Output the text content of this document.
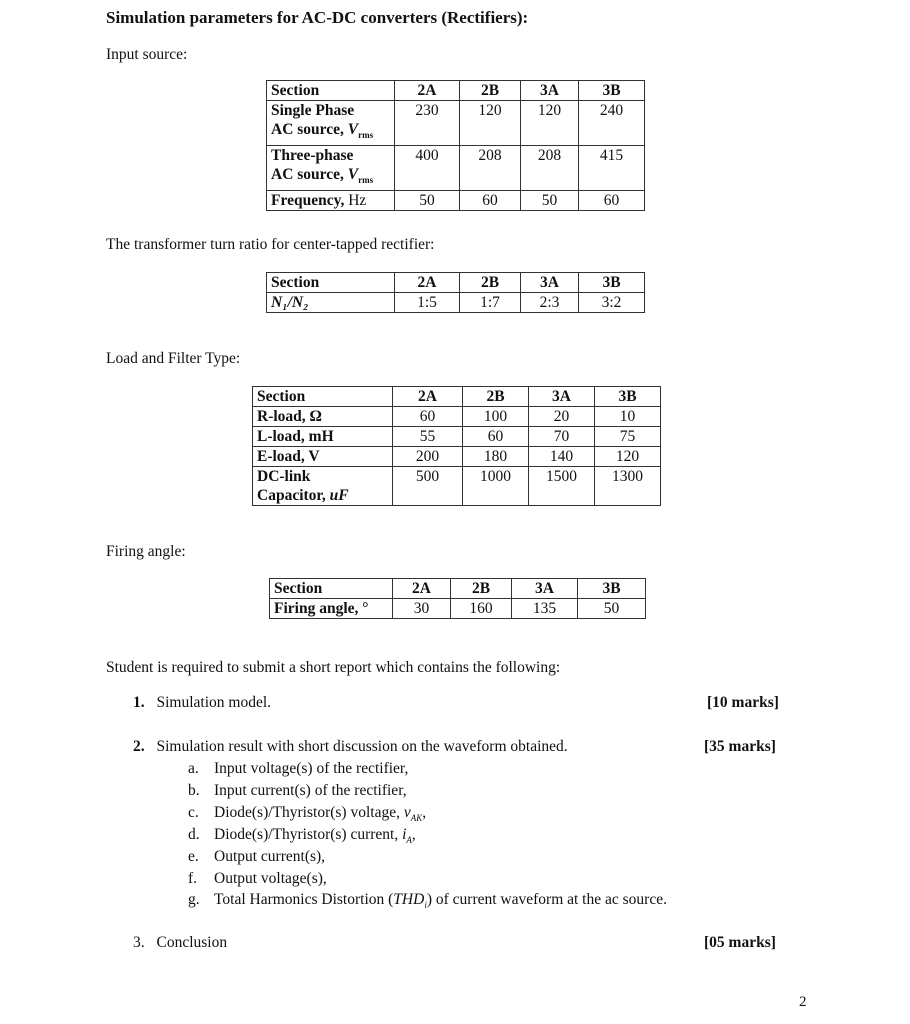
Simulation parameters for AC-DC converters (Rectifiers):
Input source:
Section	2A	2B	3A	3B
Single Phase
AC source, $V_{rms}$	230	120	120	240
Three-phase
AC source, $V_{rms}$	400	208	208	415
Frequency, Hz	50	60	50	60
The transformer turn ratio for center-tapped rectifier:
Section	2A	2B	3A	3B
N₁/N₂	1:5	1:7	2:3	3:2
Load and Filter Type:
Section	2A	2B	3A	3B
R-load, Ω	60	100	20	10
L-load, mH	55	60	70	75
E-load, V	200	180	140	120
DC-link
Capacitor, uF	500	1000	1500	1300
Firing angle:
Section	2A	2B	3A	3B
Firing angle, °	30	160	135	50
Student is required to submit a short report which contains the following:
1. Simulation model.	[10 marks]
2. Simulation result with short discussion on the waveform obtained.	[35 marks]
a. Input voltage(s) of the rectifier,
b. Input current(s) of the rectifier,
c. Diode(s)/Thyristor(s) voltage, $v_{AK}$,
d. Diode(s)/Thyristor(s) current, $i_A$,
e. Output current(s),
f. Output voltage(s),
g. Total Harmonics Distortion $(THD_i)$ of current waveform at the ac source.
3. Conclusion	[05 marks]
2
